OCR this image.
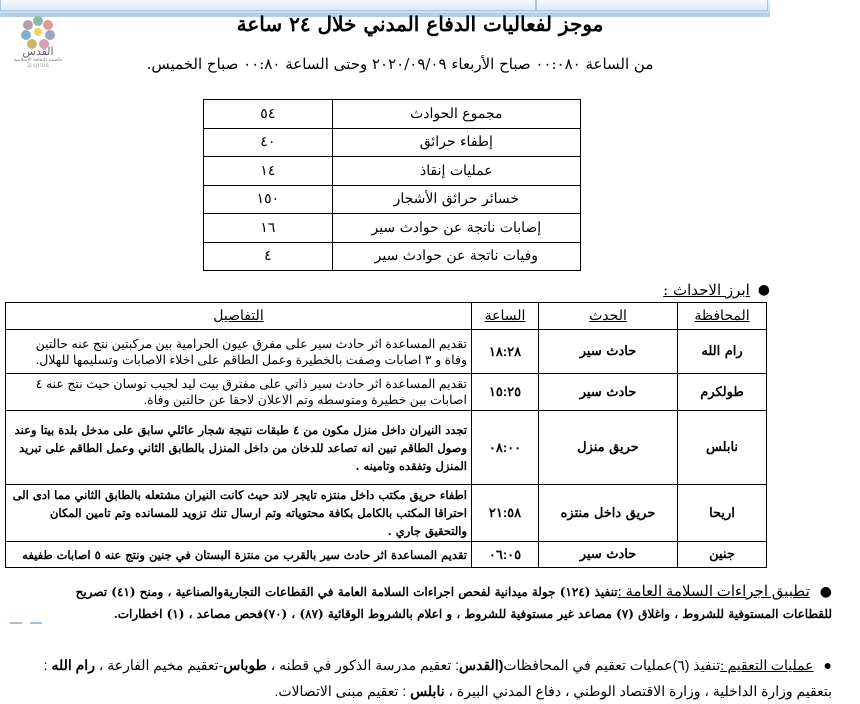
القدس
عاصمة الثقافة الإسلامية
al QUDS
موجز لفعاليات الدفاع المدني خلال ٢٤ ساعة
من الساعة ٠٠:٠٨٠ صباح الأربعاء ٢٠٢٠/٠٩/٠٩ وحتى الساعة ٠٠:٨٠ صباح الخميس.
مجموع الحوادث	٥٤
إطفاء حرائق	٤٠
عمليات إنقاذ	١٤
خسائر حرائق الأشجار	١٥٠
إصابات ناتجة عن حوادث سير	١٦
وفيات ناتجة عن حوادث سير	٤
●
ابرز الاحداث :
المحافظة	الحدث	الساعة	التفاصيل
رام الله	حادث سير	١٨:٢٨	تقديم المساعدة اثر حادث سير على مفرق عيون الحرامية بين مركبتين نتج عنه حالتين وفاة و ٣ اصابات وصفت بالخطيرة وعمل الطاقم على اخلاء الاصابات وتسليمها للهلال.
طولكرم	حادث سير	١٥:٢٥	تقديم المساعدة اثر حادث سير ذاتي على مفترق بيت ليد لجيب توسان حيث نتج عنه ٤ اصابات بين خطيرة ومتوسطه وتم الاعلان لاحقا عن حالتين وفاة.
نابلس	حريق منزل	٠٨:٠٠	تجدد النيران داخل منزل مكون من ٤ طبقات نتيجة شجار عائلي سابق على مدخل بلدة بيتا وعند وصول الطاقم تبين انه تصاعد للدخان من داخل المنزل بالطابق الثاني وعمل الطاقم على تبريد المنزل وتفقده وتامينه .
اريحا	حريق داخل منتزه	٢١:٥٨	اطفاء حريق مكتب داخل منتزه تايجر لاند حيث كانت النيران مشتعله بالطابق الثاني مما ادى الى احتراقا المكتب بالكامل بكافة محتوياته وتم ارسال تنك تزويد للمسانده وتم تامين المكان والتحقيق جاري .
جنين	حادث سير	٠٦:٠٥	تقديم المساعدة اثر حادث سير بالقرب من منتزة البستان في جنين ونتج عنه ٥ اصابات طفيفه
●تطبيق اجراءات السلامة العامة :تنفيذ (١٢٤) جولة ميدانية لفحص اجراءات السلامة العامة في القطاعات التجاريةوالصناعية ، ومنح (٤١) تصريح للقطاعات المستوفية للشروط ، واغلاق (٧) مصاعد غير مستوفية للشروط ، و اعلام بالشروط الوقائية (٨٧) ، (٧٠)فحص مصاعد ، (١) اخطارات.
●عمليات التعقيم :تنفيذ (٦)عمليات تعقيم في المحافظات(القدس: تعقيم مدرسة الذكور في قطنه ، طوباس-تعقيم مخيم الفارعة ، رام الله : بتعقيم وزارة الداخلية ، وزارة الاقتصاد الوطني ، دفاع المدني البيرة ، نابلس : تعقيم مبنى الاتصالات.
